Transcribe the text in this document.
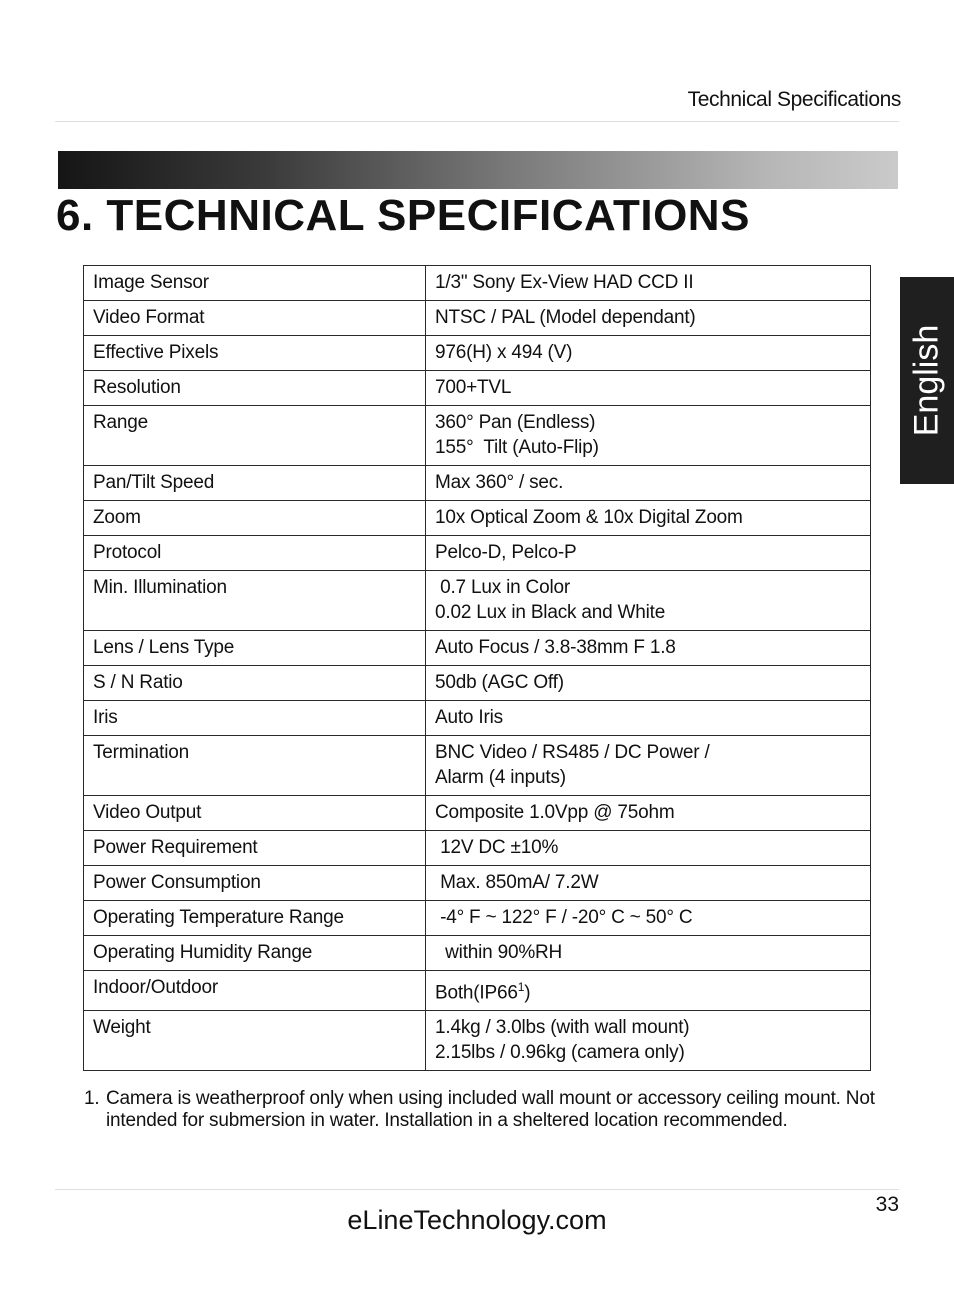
Technical Specifications
6. TECHNICAL SPECIFICATIONS
English
Image Sensor	1/3" Sony Ex-View HAD CCD II

Video Format	NTSC / PAL (Model dependant)

Effective Pixels	976(H) x 494 (V)

Resolution	700+TVL

Range	360° Pan (Endless)
155°  Tilt (Auto-Flip)

Pan/Tilt Speed	Max 360° / sec.

Zoom	10x Optical Zoom & 10x Digital Zoom

Protocol	Pelco-D, Pelco-P

Min. Illumination	0.7 Lux in Color
0.02 Lux in Black and White

Lens / Lens Type	Auto Focus / 3.8-38mm F 1.8

S / N Ratio	50db (AGC Off)

Iris	Auto Iris

Termination	BNC Video / RS485 / DC Power /
Alarm (4 inputs)

Video Output	Composite 1.0Vpp @ 75ohm

Power Requirement	12V DC ±10%

Power Consumption	Max. 850mA/ 7.2W

Operating Temperature Range	-4° F ~ 122° F / -20° C ~ 50° C

Operating Humidity Range	within 90%RH

Indoor/Outdoor	$Both(IP66^1)$

Weight	1.4kg / 3.0lbs (with wall mount)
2.15lbs / 0.96kg (camera only)
1. Camera is weatherproof only when using included wall mount or accessory ceiling mount. Not intended for submersion in water. Installation in a sheltered location recommended.
33
eLineTechnology.com
